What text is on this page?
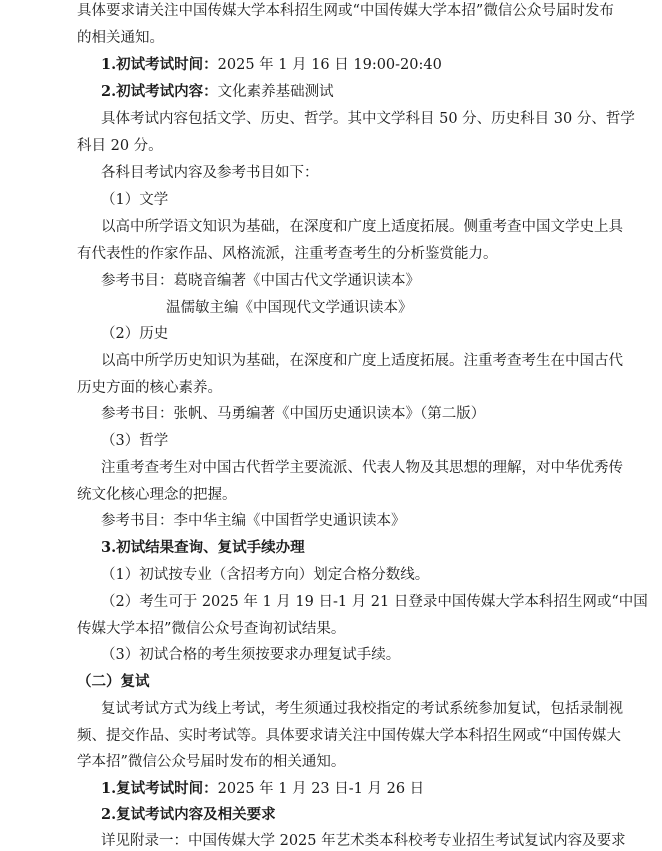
具体要求请关注中国传媒大学本科招生网或“中国传媒大学本招”微信公众号届时发布
的相关通知。
1.初试考试时间：2025 年 1 月 16 日 19:00-20:40
2.初试考试内容：文化素养基础测试
具体考试内容包括文学、历史、哲学。其中文学科目 50 分、历史科目 30 分、哲学
科目 20 分。
各科目考试内容及参考书目如下：
（1）文学
以高中所学语文知识为基础，在深度和广度上适度拓展。侧重考查中国文学史上具
有代表性的作家作品、风格流派，注重考查考生的分析鉴赏能力。
参考书目：葛晓音编著《中国古代文学通识读本》
温儒敏主编《中国现代文学通识读本》
（2）历史
以高中所学历史知识为基础，在深度和广度上适度拓展。注重考查考生在中国古代
历史方面的核心素养。
参考书目：张帆、马勇编著《中国历史通识读本》（第二版）
（3）哲学
注重考查考生对中国古代哲学主要流派、代表人物及其思想的理解，对中华优秀传
统文化核心理念的把握。
参考书目：李中华主编《中国哲学史通识读本》
3.初试结果查询、复试手续办理
（1）初试按专业（含招考方向）划定合格分数线。
（2）考生可于 2025 年 1 月 19 日-1 月 21 日登录中国传媒大学本科招生网或“中国
传媒大学本招”微信公众号查询初试结果。
（3）初试合格的考生须按要求办理复试手续。
（二）复试
复试考试方式为线上考试，考生须通过我校指定的考试系统参加复试，包括录制视
频、提交作品、实时考试等。具体要求请关注中国传媒大学本科招生网或“中国传媒大
学本招”微信公众号届时发布的相关通知。
1.复试考试时间：2025 年 1 月 23 日-1 月 26 日
2.复试考试内容及相关要求
详见附录一：中国传媒大学 2025 年艺术类本科校考专业招生考试复试内容及要求
